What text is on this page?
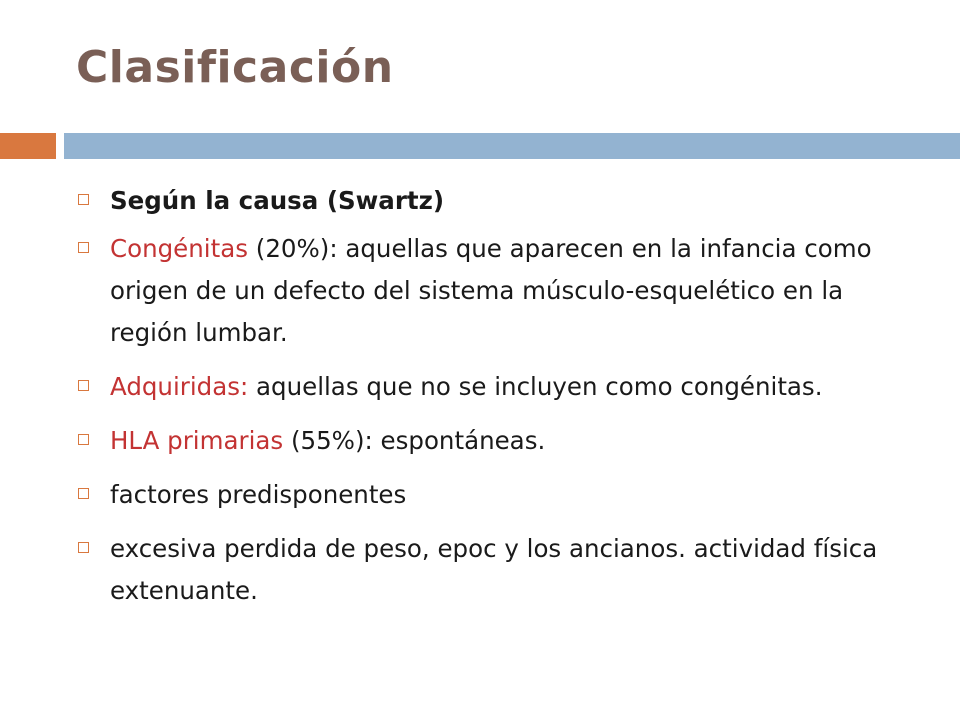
Clasificación
Según la causa (Swartz)
Congénitas (20%): aquellas que aparecen en la infancia como origen de un defecto del sistema músculo-esquelético en la región lumbar.
Adquiridas: aquellas que no se incluyen como congénitas.
HLA primarias (55%): espontáneas.
factores predisponentes
excesiva perdida de peso, epoc y los ancianos. actividad física extenuante.
